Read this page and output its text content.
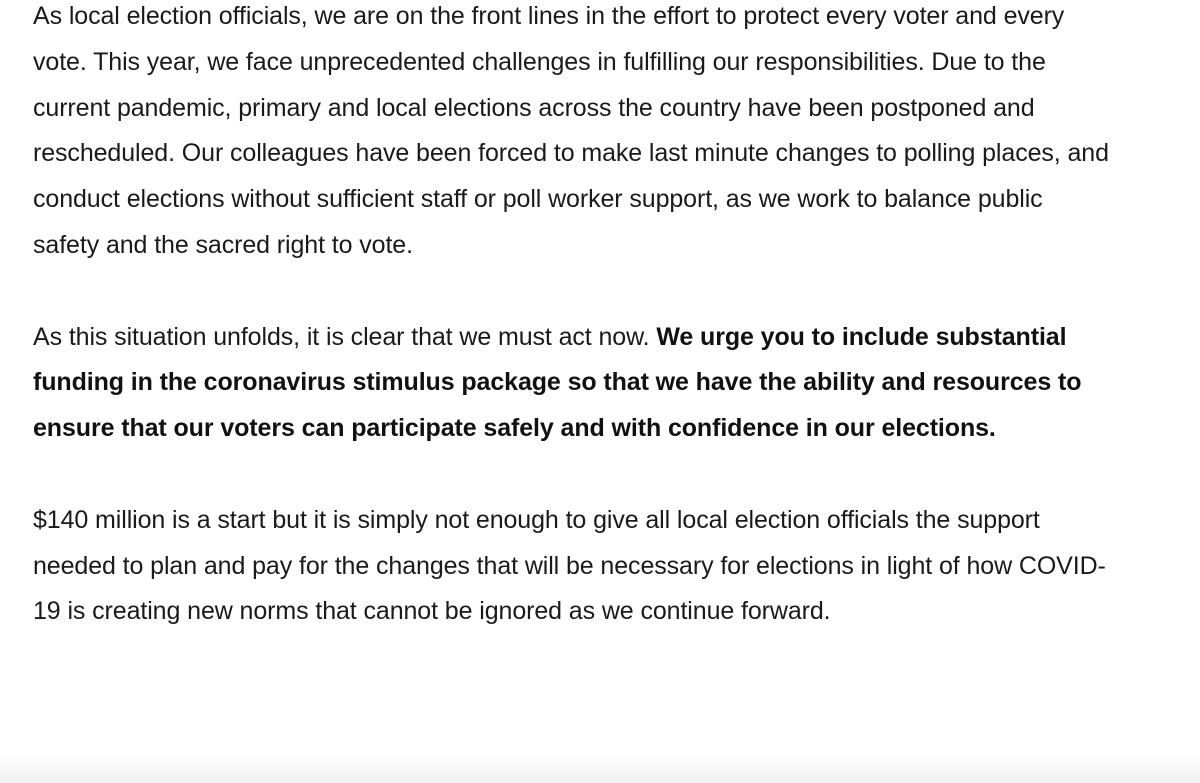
As local election officials, we are on the front lines in the effort to protect every voter and every vote. This year, we face unprecedented challenges in fulfilling our responsibilities. Due to the current pandemic, primary and local elections across the country have been postponed and rescheduled. Our colleagues have been forced to make last minute changes to polling places, and conduct elections without sufficient staff or poll worker support, as we work to balance public safety and the sacred right to vote.

As this situation unfolds, it is clear that we must act now. We urge you to include substantial funding in the coronavirus stimulus package so that we have the ability and resources to ensure that our voters can participate safely and with confidence in our elections.

$140 million is a start but it is simply not enough to give all local election officials the support needed to plan and pay for the changes that will be necessary for elections in light of how COVID-19 is creating new norms that cannot be ignored as we continue forward.
